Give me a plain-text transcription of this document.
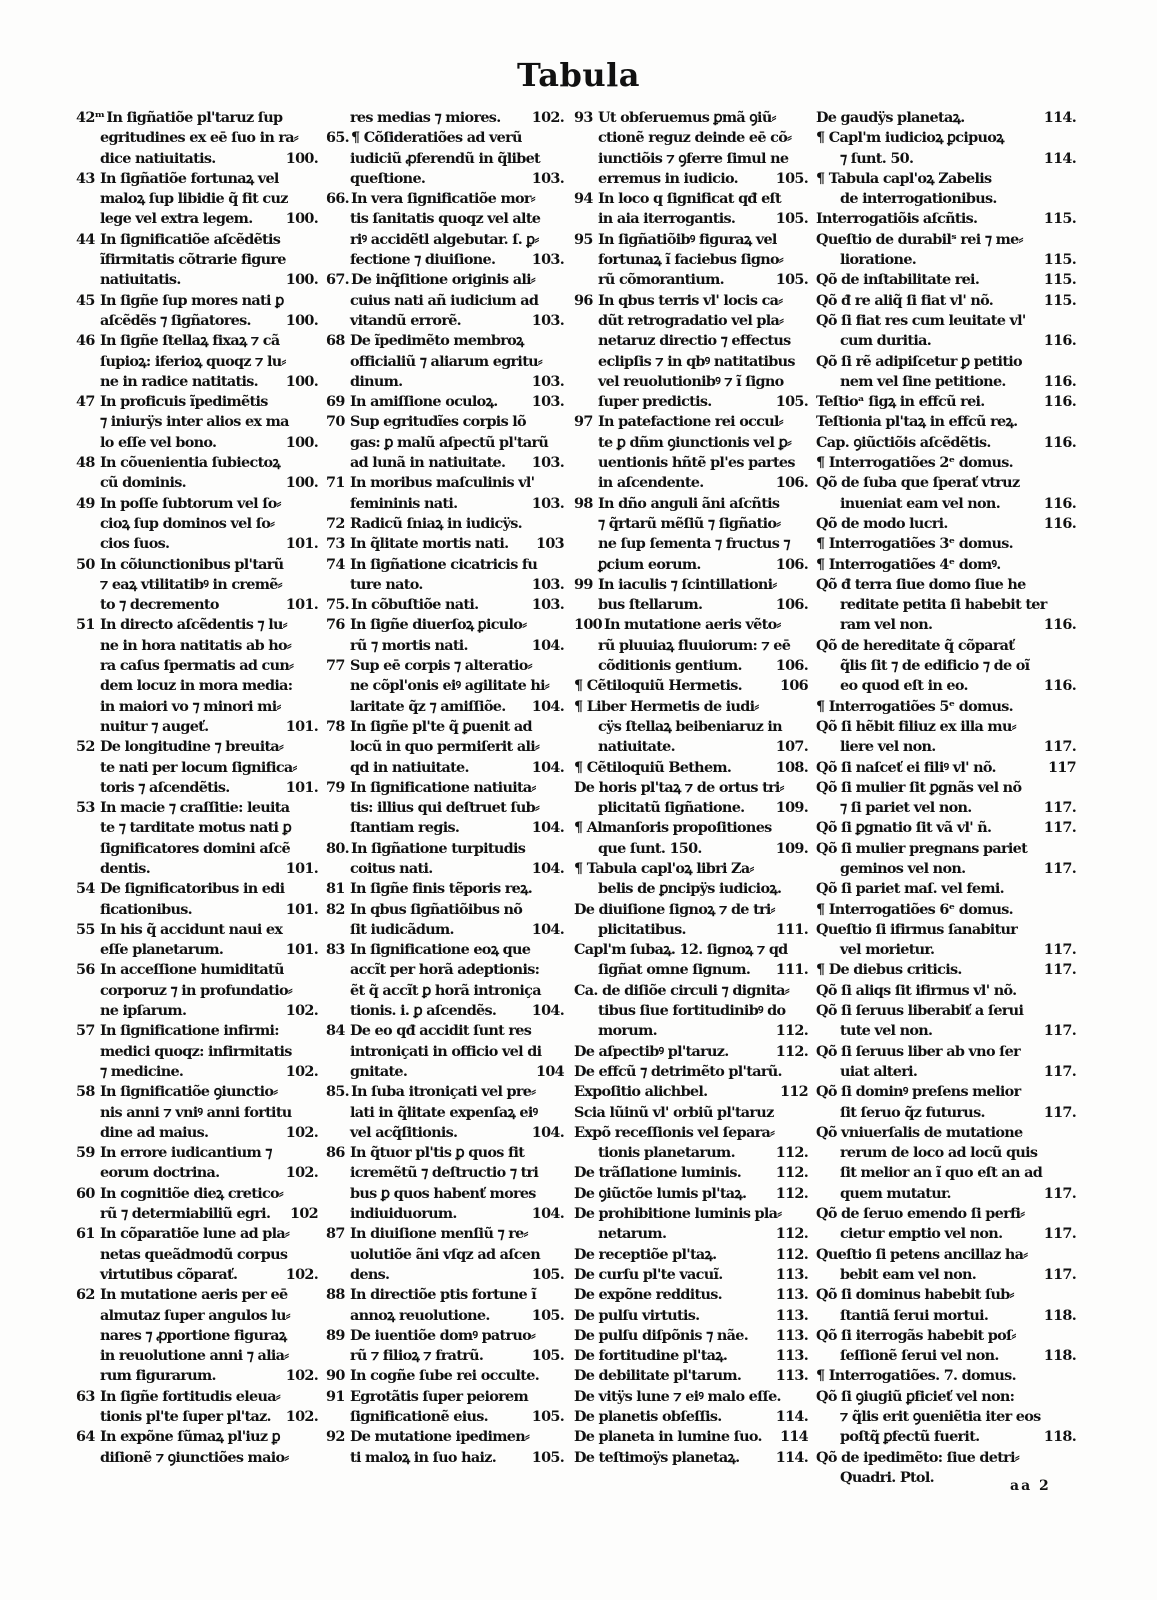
Tabula
42ᵐ In ſigñatiõe pl'taruz ſup
egritudines ex eē ſuo in ra⸗
dice natiuitatis.	100.
43 In ſigñatiõe fortunaꝝ vel
maloꝝ ſup libidie q̃ fit cuz
lege vel extra legem. 100.
44 In ſignificatiõe aſcẽdẽtis
ĩfirmitatis cõtrarie figure
natiuitatis.	100.
45 In ſigñe ſup mores nati ꝑ
aſcẽdẽs ⁊ ſigñatores. 100.
46 In ſigñe ſtellaꝝ fixaꝝ ⁊ cã
ſupioꝝ: iferioꝝ quoqz ⁊ lu⸗
ne in radice natitatis. 100.
47 In proficuis ĩpedimẽtis
⁊ iniurÿs inter alios ex ma
lo eſſe vel bono.	100.
48 In cõuenientia ſubiectoꝝ
cũ dominis.	100.
49 In poſſe ſubtorum vel ſo⸗
cioꝝ ſup dominos vel ſo⸗
cios ſuos.	101.
50 In cõiunctionibus pl'tarũ
⁊ eaꝝ vtilitatibꝰ in cremẽ⸗
to ⁊ decremento	101.
51 In directo aſcẽdentis ⁊ lu⸗
ne in hora natitatis ab ho⸗
ra caſus ſpermatis ad cun⸗
dem locuz in mora media:
in maiori vo ⁊ minori mi⸗
nuitur ⁊ augeť.	101.
52 De longitudine ⁊ breuita⸗
te nati per locum ſignifica⸗
toris ⁊ aſcendẽtis.	101.
53 In macie ⁊ craſſitie: leuita
te ⁊ tarditate motus nati ꝑ
ſignificatores domini aſcẽ
dentis.	101.
54 De ſignificatoribus in edi
ficationibus.	101.
55 In his q̃ accidunt naui ex
eſſe planetarum.	101.
56 In acceſſione humiditatũ
corporuz ⁊ in profundatio⸗
ne ipſarum.	102.
57 In ſignificatione infirmi:
medici quoqz: infirmitatis
⁊ medicine.	102.
58 In ſignificatiõe ꝯiunctio⸗
nis anni ⁊ vniꝰ anni fortitu
dine ad maius.	102.
59 In errore iudicantium ⁊
eorum doctrina.	102.
60 In cognitiõe dieꝝ cretico⸗
rũ ⁊ determiabiliũ egri. 102
61 In cõparatiõe lune ad pla⸗
netas queãdmodũ corpus
virtutibus cõparať.	102.
62 In mutatione aeris per eē
almutaz ſuper angulos lu⸗
nares ⁊ ꝓportione figuraꝝ
in reuolutione anni ⁊ alia⸗
rum figurarum.	102.
63 In ſigñe fortitudis eleua⸗
tionis pl'te ſuper pl'taz. 102.
64 In expõne ſũmaꝝ pl'iuz ꝑ
diſionẽ ⁊ ꝯiunctiões maio⸗
res medias ⁊ miores. 102.
65. ¶ Cõſideratiões ad verũ
iudiciũ ꝓferendũ in q̃libet
queſtione.	103.
66. In vera ſignificatiõe mor⸗
tis ſanitatis quoqz vel alte
riꝰ accidẽtl algebutar. ſ. ꝑ⸗
fectione ⁊ diuiſione.	103.
67. De inq̃ſitione originis ali⸗
cuius nati añ iudicium ad
vitandũ errorẽ.	103.
68 De ĩpedimẽto membroꝝ
officialiũ ⁊ aliarum egritu⸗
dinum.	103.
69 In amiſſione oculoꝝ. 103.
70 Sup egritudĩes corpis lõ
gas: ꝑ malũ aſpectũ pl'tarũ
ad lunã in natiuitate. 103.
71 In moribus maſculinis vl'
femininis nati.	103.
72 Radicũ ſniaꝝ in iudicÿs.
73 In q̃litate mortis nati. 103
74 In ſigñatione cicatricis fu
ture nato.	103.
75. In cõbuſtiõe nati.	103.
76 In ſigñe diuerſoꝝ ꝑiculo⸗
rũ ⁊ mortis nati.	104.
77 Sup eē corpis ⁊ alteratio⸗
ne cõpl'onis eiꝰ agilitate hi⸗
laritate q̃z ⁊ amiſſiõe. 104.
78 In ſigñe pl'te q̃ ꝑuenit ad
locũ in quo permiſerit ali⸗
qd in natiuitate.	104.
79 In ſignificatione natiuita⸗
tis: illius qui deſtruet ſub⸗
ſtantiam regis.	104.
80. In ſigñatione turpitudis
coitus nati.	104.
81 In ſigñe finis tẽporis reꝝ.
82 In qbus ſigñatiõibus nõ
ſit iudicãdum.	104.
83 In ſignificatione eoꝝ que
accĩt per horã adeptionis:
ẽt q̃ accĩt ꝑ horã introniça
tionis. i. ꝑ aſcendẽs. 104.
84 De eo qđ accidit ſunt res
introniçati in officio vel di
gnitate.	104
85. In ſuba itroniçati vel pre⸗
lati in q̃litate expenſaꝝ eiꝰ
vel acq̃ſitionis.	104.
86 In q̃tuor pl'tis ꝑ quos fit
icremẽtũ ⁊ deſtructio ⁊ tri
bus ꝑ quos habenť mores
indiuiduorum.	104.
87 In diuiſione menſiũ ⁊ re⸗
uolutiõe ãni vſqz ad aſcen
dens.	105.
88 In directiõe ptis fortune ĩ
annoꝝ reuolutione.	105.
89 De iuentiõe domꝰ patruo⸗
rũ ⁊ filioꝝ ⁊ fratrũ.	105.
90 In cogñe ſube rei occulte.
91 Egrotãtis ſuper peiorem
ſignificationẽ eius.	105.
92 De mutatione ipedimen⸗
ti maloꝝ in ſuo haiz. 105.
93 Ut obſeruemus ꝑmã ꝯiũ⸗
ctionẽ reguz deinde eē cõ⸗
iunctiõis ⁊ ꝯferre ſimul ne
erremus in iudicio.	105.
94 In loco q ſignificat qđ eſt
in aia iterrogantis.	105.
95 In ſigñatiõibꝰ figuraꝝ vel
fortunaꝝ ĩ faciebus ſigno⸗
rũ cõmorantium.	105.
96 In qbus terris vl' locis ca⸗
dũt retrogradatio vel pla⸗
netaruz directio ⁊ effectus
eclipſis ⁊ in qbꝰ natitatibus
vel reuolutionibꝰ ⁊ ĩ ſigno
ſuper predictis.	105.
97 In patefactione rei occul⸗
te ꝑ dñm ꝯiunctionis vel ꝑ⸗
uentionis hñtẽ pl'es partes
in aſcendente.	106.
98 In dño anguli ãni aſcñtis
⁊ q̃rtarũ mẽſiũ ⁊ ſigñatio⸗
ne ſup ſementa ⁊ fructus ⁊
ꝑcium eorum.	106.
99 In iaculis ⁊ ſcintillationi⸗
bus ſtellarum.	106.
100 In mutatione aeris vẽto⸗
rũ pluuiaꝝ fluuiorum: ⁊ eē
cõditionis gentium. 106.
¶ Cẽtiloquiũ Hermetis.	106
¶ Liber Hermetis de iudi⸗
cÿs ſtellaꝝ beibeniaruz in
natiuitate.	107.
¶ Cẽtiloquiũ Bethem.	108.
De horis pl'taꝝ ⁊ de ortus tri⸗
plicitatũ ſigñatione. 109.
¶ Almanſoris propoſitiones
que ſunt. 150.	109.
¶ Tabula capl'oꝝ libri Za⸗
belis de ꝑncipÿs iudicioꝝ.
De diuiſione ſignoꝝ ⁊ de tri⸗
plicitatibus.	111.
Capl'm ſubaꝝ. 12. ſignoꝝ ⁊ qd
ſigñat omne ſignum. 111.
Ca. de diſiõe circuli ⁊ dignita⸗
tibus ſiue fortitudinibꝰ do
morum.	112.
De aſpectibꝰ pl'taruz.	112.
De effcũ ⁊ detrimẽto pl'tarũ.
Expoſitio alichbel.	112
Scia lũinũ vl' orbiũ pl'taruz
Expõ receſſionis vel ſepara⸗
tionis planetarum.	112.
De trãſlatione luminis. 112.
De ꝯiũctõe lumis pl'taꝝ. 112.
De prohibitione luminis pla⸗
netarum.	112.
De receptiõe pl'taꝝ.	112.
De curſu pl'te vacuĩ.	113.
De expõne redditus.	113.
De pulſu virtutis.	113.
De pulſu diſpõnis ⁊ nãe. 113.
De fortitudine pl'taꝝ.	113.
De debilitate pl'tarum. 113.
De vitÿs lune ⁊ eiꝰ malo eſſe.
De planetis obſeſſis.	114.
De planeta in lumine ſuo. 114
De teſtimoÿs planetaꝝ.	114.
De gaudÿs planetaꝝ.	114.
¶ Capl'm iudicioꝝ ꝑcipuoꝝ
⁊ ſunt. 50.	114.
¶ Tabula capl'oꝝ Zabelis
de interrogationibus.
Interrogatiõis aſcñtis.	115.
Queſtio de durabilˢ rei ⁊ me⸗
lioratione.	115.
Qõ de inſtabilitate rei.	115.
Qõ đ re aliq̃ ſi fiat vl' nõ.	115.
Qõ ſi fiat res cum leuitate vl'
cum duritia.	116.
Qõ ſi rẽ adipiſcetur ꝑ petitio
nem vel ſine petitione.	116.
Teſtioᵃ ſigꝝ in effcũ rei.	116.
Teſtionia pl'taꝝ in effcũ reꝝ.
Cap. ꝯiũctiõis aſcẽdẽtis.	116.
¶ Interrogatiões 2ᵉ domus.
Qõ de ſuba que ſperať vtruz
inueniat eam vel non.	116.
Qõ de modo lucri.	116.
¶ Interrogatiões 3ᵉ domus.
¶ Interrogatiões 4ᵉ domꝰ.
Qõ đ terra ſiue domo ſiue he
reditate petita ſi habebit ter
ram vel non.	116.
Qõ de hereditate q̃ cõparať
q̃lis ſit ⁊ de edificio ⁊ de oĩ
eo quod eſt in eo.	116.
¶ Interrogatiões 5ᵉ domus.
Qõ ſi hẽbit filiuz ex illa mu⸗
liere vel non.	117.
Qõ ſi naſceť ei filiꝰ vl' nõ.	117
Qõ ſi mulier ſit ꝑgnãs vel nõ
⁊ ſi pariet vel non.	117.
Qõ ſi ꝑgnatio ſit vã vl' ñ.	117.
Qõ ſi mulier pregnans pariet
geminos vel non.	117.
Qõ ſi pariet maſ. vel femi.
¶ Interrogatiões 6ᵉ domus.
Queſtio ſi ifirmus ſanabitur
vel morietur.	117.
¶ De diebus criticis.	117.
Qõ ſi aliqs ſit ifirmus vl' nõ.
Qõ ſi ſeruus liberabiť a ſerui
tute vel non.	117.
Qõ ſi ſeruus liber ab vno ſer
uiat alteri.	117.
Qõ ſi dominꝰ preſens melior
ſit ſeruo q̃z futurus.	117.
Qõ vniuerſalis de mutatione
rerum de loco ad locũ quis
ſit melior an ĩ quo eſt an ad
quem mutatur.	117.
Qõ de ſeruo emendo ſi perfi⸗
cietur emptio vel non.	117.
Queſtio ſi petens ancillaz ha⸗
bebit eam vel non.	117.
Qõ ſi dominus habebit ſub⸗
ſtantiã ſerui mortui.	118.
Qõ ſi iterrogãs habebit poſ⸗
ſeſſionẽ ſerui vel non.	118.
¶ Interrogatiões. 7. domus.
Qõ ſi ꝯiugiũ ꝑficieť vel non:
⁊ q̃lis erit ꝯueniẽtia iter eos
poſtq̃ ꝑfectũ fuerit.	118.
Qõ de ipedimẽto: ſiue detri⸗
Quadri. Ptol.
aa 2
